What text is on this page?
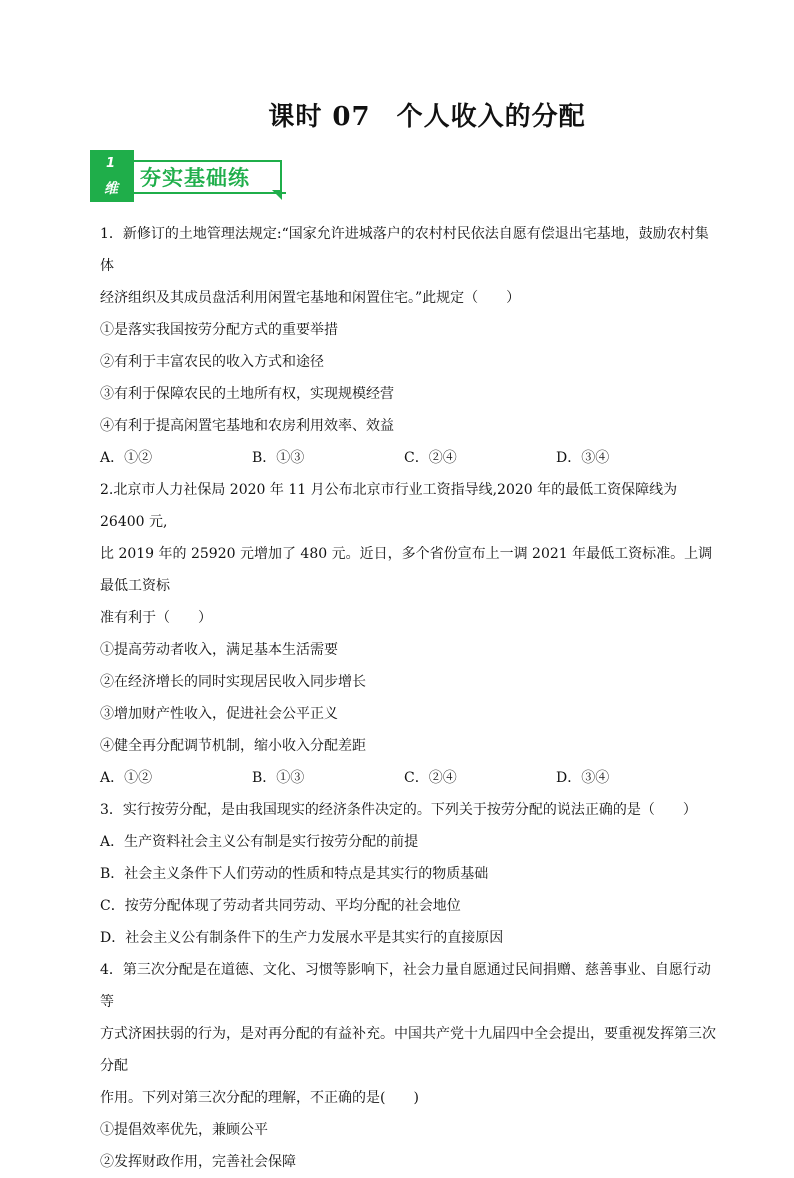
课时 07 个人收入的分配
1
维 夯实基础练

1．新修订的土地管理法规定:“国家允许进城落户的农村村民依法自愿有偿退出宅基地，鼓励农村集体

经济组织及其成员盘活利用闲置宅基地和闲置住宅。”此规定（　　）

①是落实我国按劳分配方式的重要举措

②有利于丰富农民的收入方式和途径

③有利于保障农民的土地所有权，实现规模经营

④有利于提高闲置宅基地和农房利用效率、效益

A．①②	B．①③	C．②④	D．③④

2.北京市人力社保局 2020 年 11 月公布北京市行业工资指导线,2020 年的最低工资保障线为 26400 元,

比 2019 年的 25920 元增加了 480 元。近日，多个省份宣布上一调 2021 年最低工资标准。上调最低工资标

准有利于（　　）

①提高劳动者收入，满足基本生活需要

②在经济增长的同时实现居民收入同步增长

③增加财产性收入，促进社会公平正义

④健全再分配调节机制，缩小收入分配差距

A．①②	B．①③	C．②④	D．③④

3．实行按劳分配，是由我国现实的经济条件决定的。下列关于按劳分配的说法正确的是（　　）

A．生产资料社会主义公有制是实行按劳分配的前提

B．社会主义条件下人们劳动的性质和特点是其实行的物质基础

C．按劳分配体现了劳动者共同劳动、平均分配的社会地位

D．社会主义公有制条件下的生产力发展水平是其实行的直接原因

4．第三次分配是在道德、文化、习惯等影响下，社会力量自愿通过民间捐赠、慈善事业、自愿行动等

方式济困扶弱的行为，是对再分配的有益补充。中国共产党十九届四中全会提出，要重视发挥第三次分配

作用。下列对第三次分配的理解，不正确的是(　　)

①提倡效率优先，兼顾公平

②发挥财政作用，完善社会保障
